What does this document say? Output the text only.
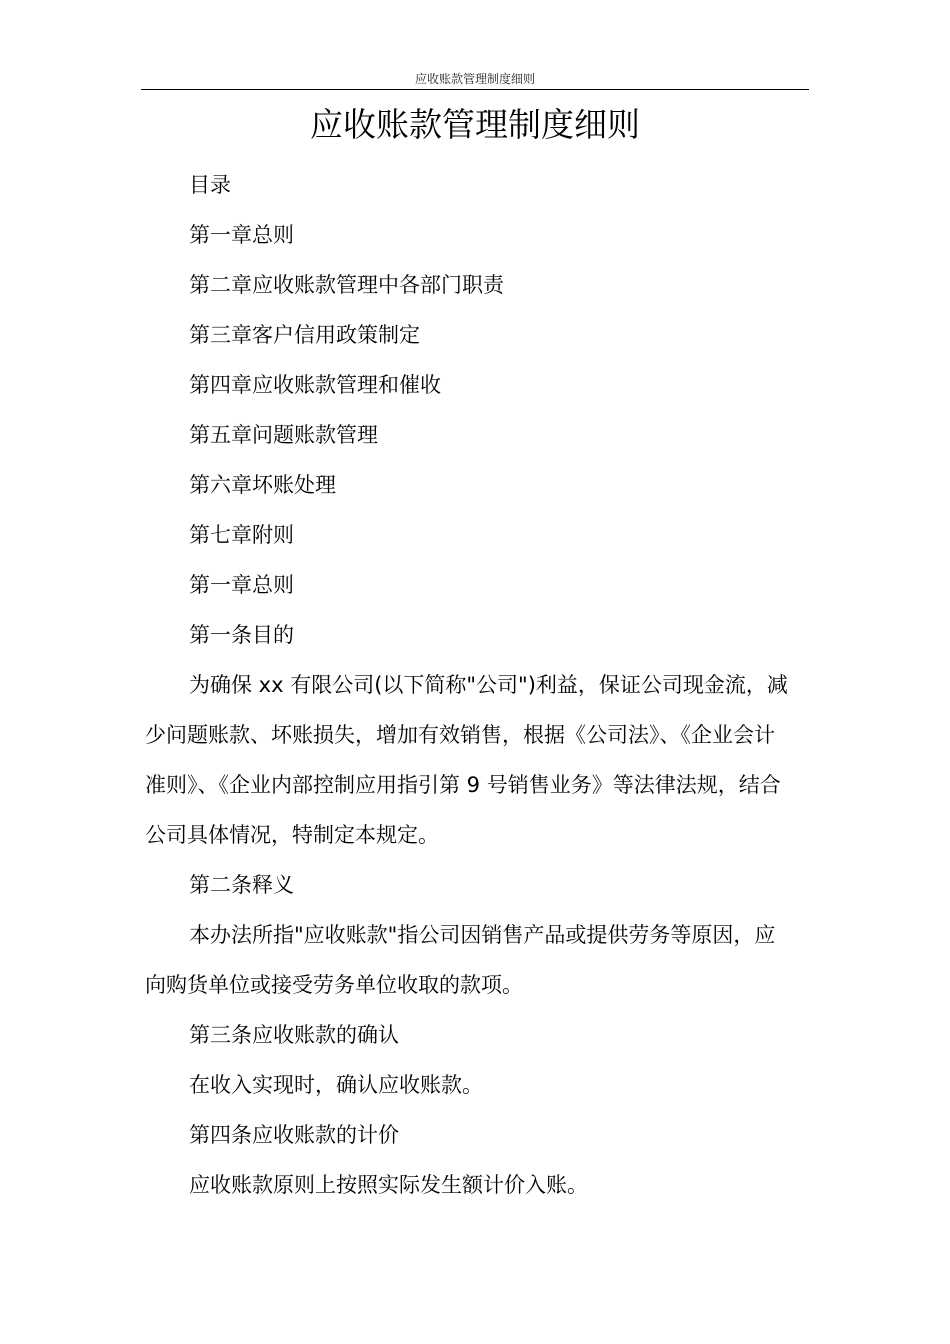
应收账款管理制度细则
应收账款管理制度细则
目录
第一章总则
第二章应收账款管理中各部门职责
第三章客户信用政策制定
第四章应收账款管理和催收
第五章问题账款管理
第六章坏账处理
第七章附则
第一章总则
第一条目的
为确保 xx 有限公司(以下简称"公司")利益，保证公司现金流，减
少问题账款、坏账损失，增加有效销售，根据《公司法》、《企业会计
准则》、《企业内部控制应用指引第 9 号销售业务》等法律法规，结合
公司具体情况，特制定本规定。
第二条释义
本办法所指"应收账款"指公司因销售产品或提供劳务等原因，应
向购货单位或接受劳务单位收取的款项。
第三条应收账款的确认
在收入实现时，确认应收账款。
第四条应收账款的计价
应收账款原则上按照实际发生额计价入账。
